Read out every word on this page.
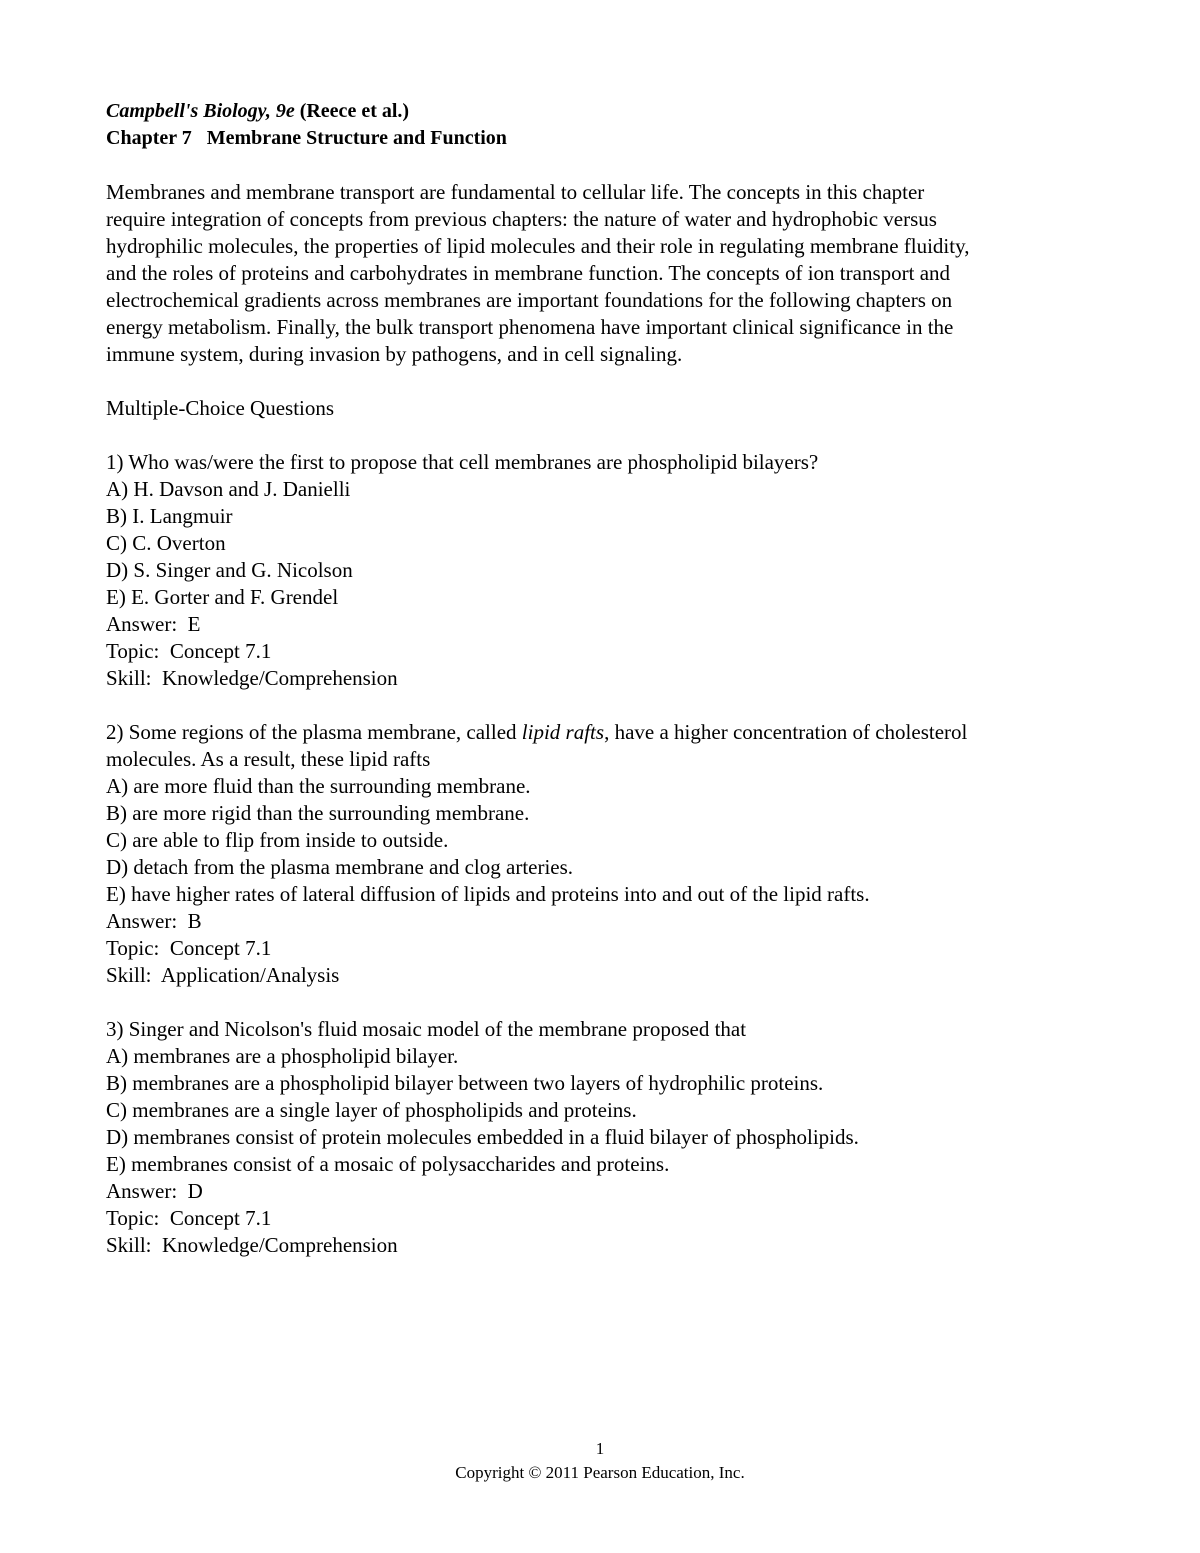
Campbell's Biology, 9e (Reece et al.)
Chapter 7   Membrane Structure and Function
Membranes and membrane transport are fundamental to cellular life. The concepts in this chapter
require integration of concepts from previous chapters: the nature of water and hydrophobic versus
hydrophilic molecules, the properties of lipid molecules and their role in regulating membrane fluidity,
and the roles of proteins and carbohydrates in membrane function. The concepts of ion transport and
electrochemical gradients across membranes are important foundations for the following chapters on
energy metabolism. Finally, the bulk transport phenomena have important clinical significance in the
immune system, during invasion by pathogens, and in cell signaling.
Multiple-Choice Questions
1) Who was/were the first to propose that cell membranes are phospholipid bilayers?
A) H. Davson and J. Danielli
B) I. Langmuir
C) C. Overton
D) S. Singer and G. Nicolson
E) E. Gorter and F. Grendel
Answer:  E
Topic:  Concept 7.1
Skill:  Knowledge/Comprehension
2) Some regions of the plasma membrane, called lipid rafts, have a higher concentration of cholesterol
molecules. As a result, these lipid rafts
A) are more fluid than the surrounding membrane.
B) are more rigid than the surrounding membrane.
C) are able to flip from inside to outside.
D) detach from the plasma membrane and clog arteries.
E) have higher rates of lateral diffusion of lipids and proteins into and out of the lipid rafts.
Answer:  B
Topic:  Concept 7.1
Skill:  Application/Analysis
3) Singer and Nicolson's fluid mosaic model of the membrane proposed that
A) membranes are a phospholipid bilayer.
B) membranes are a phospholipid bilayer between two layers of hydrophilic proteins.
C) membranes are a single layer of phospholipids and proteins.
D) membranes consist of protein molecules embedded in a fluid bilayer of phospholipids.
E) membranes consist of a mosaic of polysaccharides and proteins.
Answer:  D
Topic:  Concept 7.1
Skill:  Knowledge/Comprehension
1
Copyright © 2011 Pearson Education, Inc.
